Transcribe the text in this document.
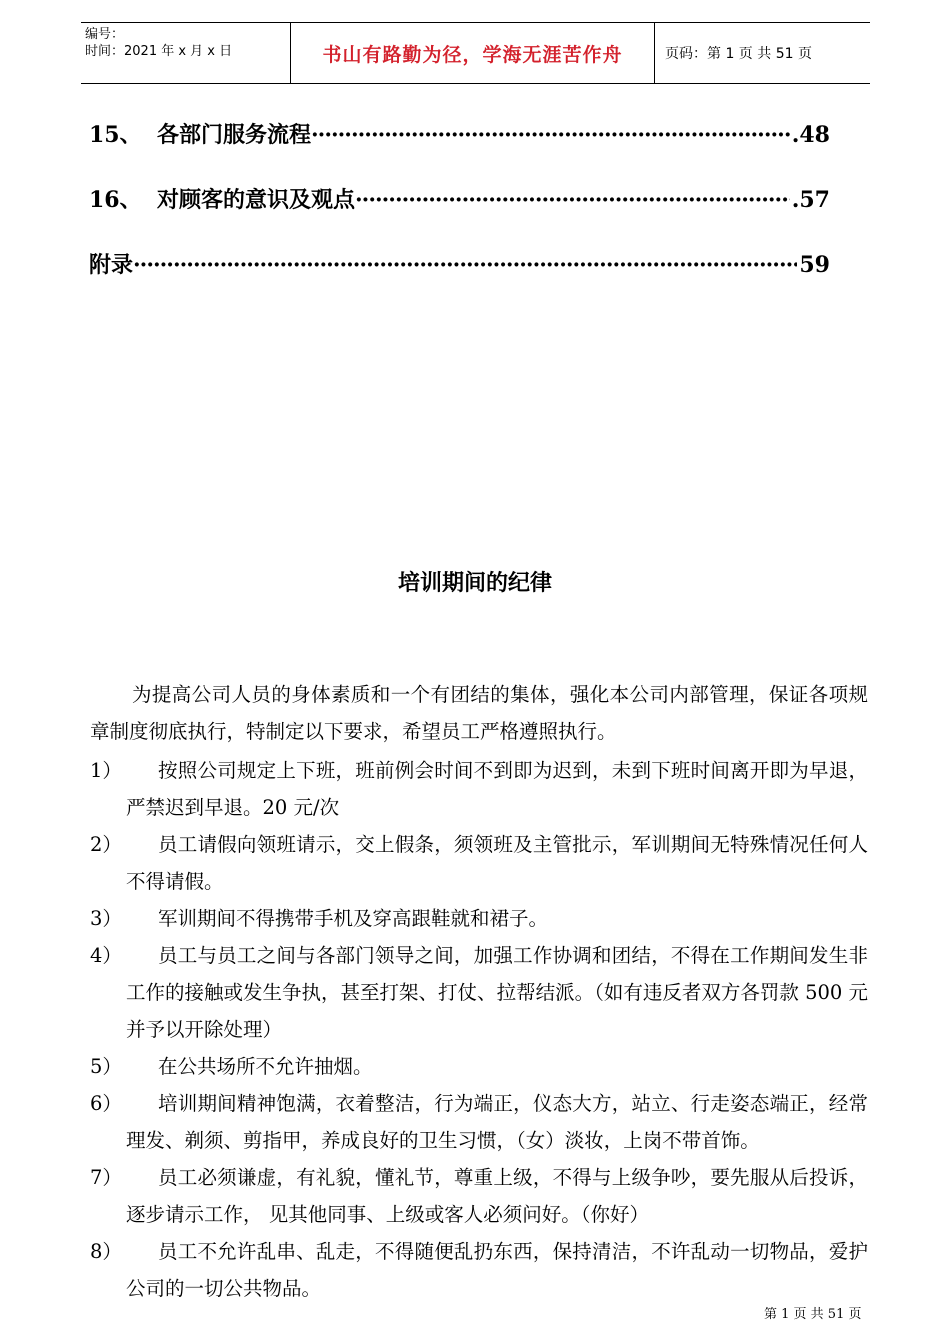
编号：
时间：2021 年 x 月 x 日	书山有路勤为径，学海无涯苦作舟	页码：第 1 页 共 51 页
15、 各部门服务流程 ·····	.48
16、 对顾客的意识及观点 ·····	.57
附录 ·····	59
培训期间的纪律
为提高公司人员的身体素质和一个有团结的集体，强化本公司内部管理，保证各项规章制度彻底执行，特制定以下要求，希望员工严格遵照执行。
1）	按照公司规定上下班，班前例会时间不到即为迟到，未到下班时间离开即为早退，严禁迟到早退。20 元/次
2）	员工请假向领班请示，交上假条，须领班及主管批示，军训期间无特殊情况任何人不得请假。
3）	军训期间不得携带手机及穿高跟鞋就和裙子。
4）	员工与员工之间与各部门领导之间，加强工作协调和团结，不得在工作期间发生非工作的接触或发生争执，甚至打架、打仗、拉帮结派。（如有违反者双方各罚款 500 元并予以开除处理）
5）	在公共场所不允许抽烟。
6）	培训期间精神饱满，衣着整洁，行为端正，仪态大方，站立、行走姿态端正，经常理发、剃须、剪指甲，养成良好的卫生习惯，（女）淡妆，上岗不带首饰。
7）	员工必须谦虚，有礼貌，懂礼节，尊重上级，不得与上级争吵，要先服从后投诉，逐步请示工作， 见其他同事、上级或客人必须问好。（你好）
8）	员工不允许乱串、乱走，不得随便乱扔东西，保持清洁，不许乱动一切物品，爱护公司的一切公共物品。
第 1 页 共 51 页
